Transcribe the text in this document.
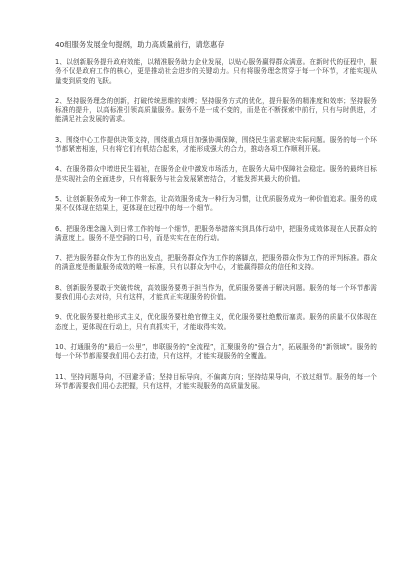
40组服务发展金句提纲，助力高质量前行，请您惠存

1、以创新服务提升政府效能，以精准服务助力企业发展，以贴心服务赢得群众满意。在新时代的征程中，服务不仅是政府工作的核心，更是推动社会进步的关键动力。只有将服务理念贯穿于每一个环节，才能实现从量变到质变的飞跃。

2、坚持服务理念的创新，打破传统思维的束缚；坚持服务方式的优化，提升服务的精准度和效率；坚持服务标准的提升，以高标准引领高质量服务。服务不是一成不变的，而是在不断探索中前行，只有与时俱进，才能满足社会发展的需求。

3、围绕中心工作提供决策支持，围绕重点项目加强协调保障，围绕民生需求解决实际问题。服务的每一个环节都紧密相连，只有将它们有机结合起来，才能形成强大的合力，推动各项工作顺利开展。

4、在服务群众中增进民生福祉，在服务企业中激发市场活力，在服务大局中保障社会稳定。服务的最终目标是实现社会的全面进步，只有将服务与社会发展紧密结合，才能发挥其最大的价值。

5、让创新服务成为一种工作常态，让高效服务成为一种行为习惯，让优质服务成为一种价值追求。服务的成果不仅体现在结果上，更体现在过程中的每一个细节。

6、把服务理念融入到日常工作的每一个细节，把服务举措落实到具体行动中，把服务成效体现在人民群众的满意度上。服务不是空洞的口号，而是实实在在的行动。

7、把为服务群众作为工作的出发点，把服务群众作为工作的落脚点，把服务群众作为工作的评判标准。群众的满意度是衡量服务成效的唯一标准，只有以群众为中心，才能赢得群众的信任和支持。

8、创新服务要敢于突破传统，高效服务要勇于担当作为，优质服务要善于解决问题。服务的每一个环节都需要我们用心去对待，只有这样，才能真正实现服务的价值。

9、优化服务要杜绝形式主义，优化服务要杜绝官僚主义，优化服务要杜绝敷衍塞责。服务的质量不仅体现在态度上，更体现在行动上，只有真抓实干，才能取得实效。

10、打通服务的“最后一公里”，串联服务的“全流程”，汇聚服务的“强合力”，拓展服务的“新领域”。服务的每一个环节都需要我们用心去打造，只有这样，才能实现服务的全覆盖。

11、坚持问题导向，不回避矛盾；坚持目标导向，不偏离方向；坚持结果导向，不放过细节。服务的每一个环节都需要我们用心去把握，只有这样，才能实现服务的高质量发展。
